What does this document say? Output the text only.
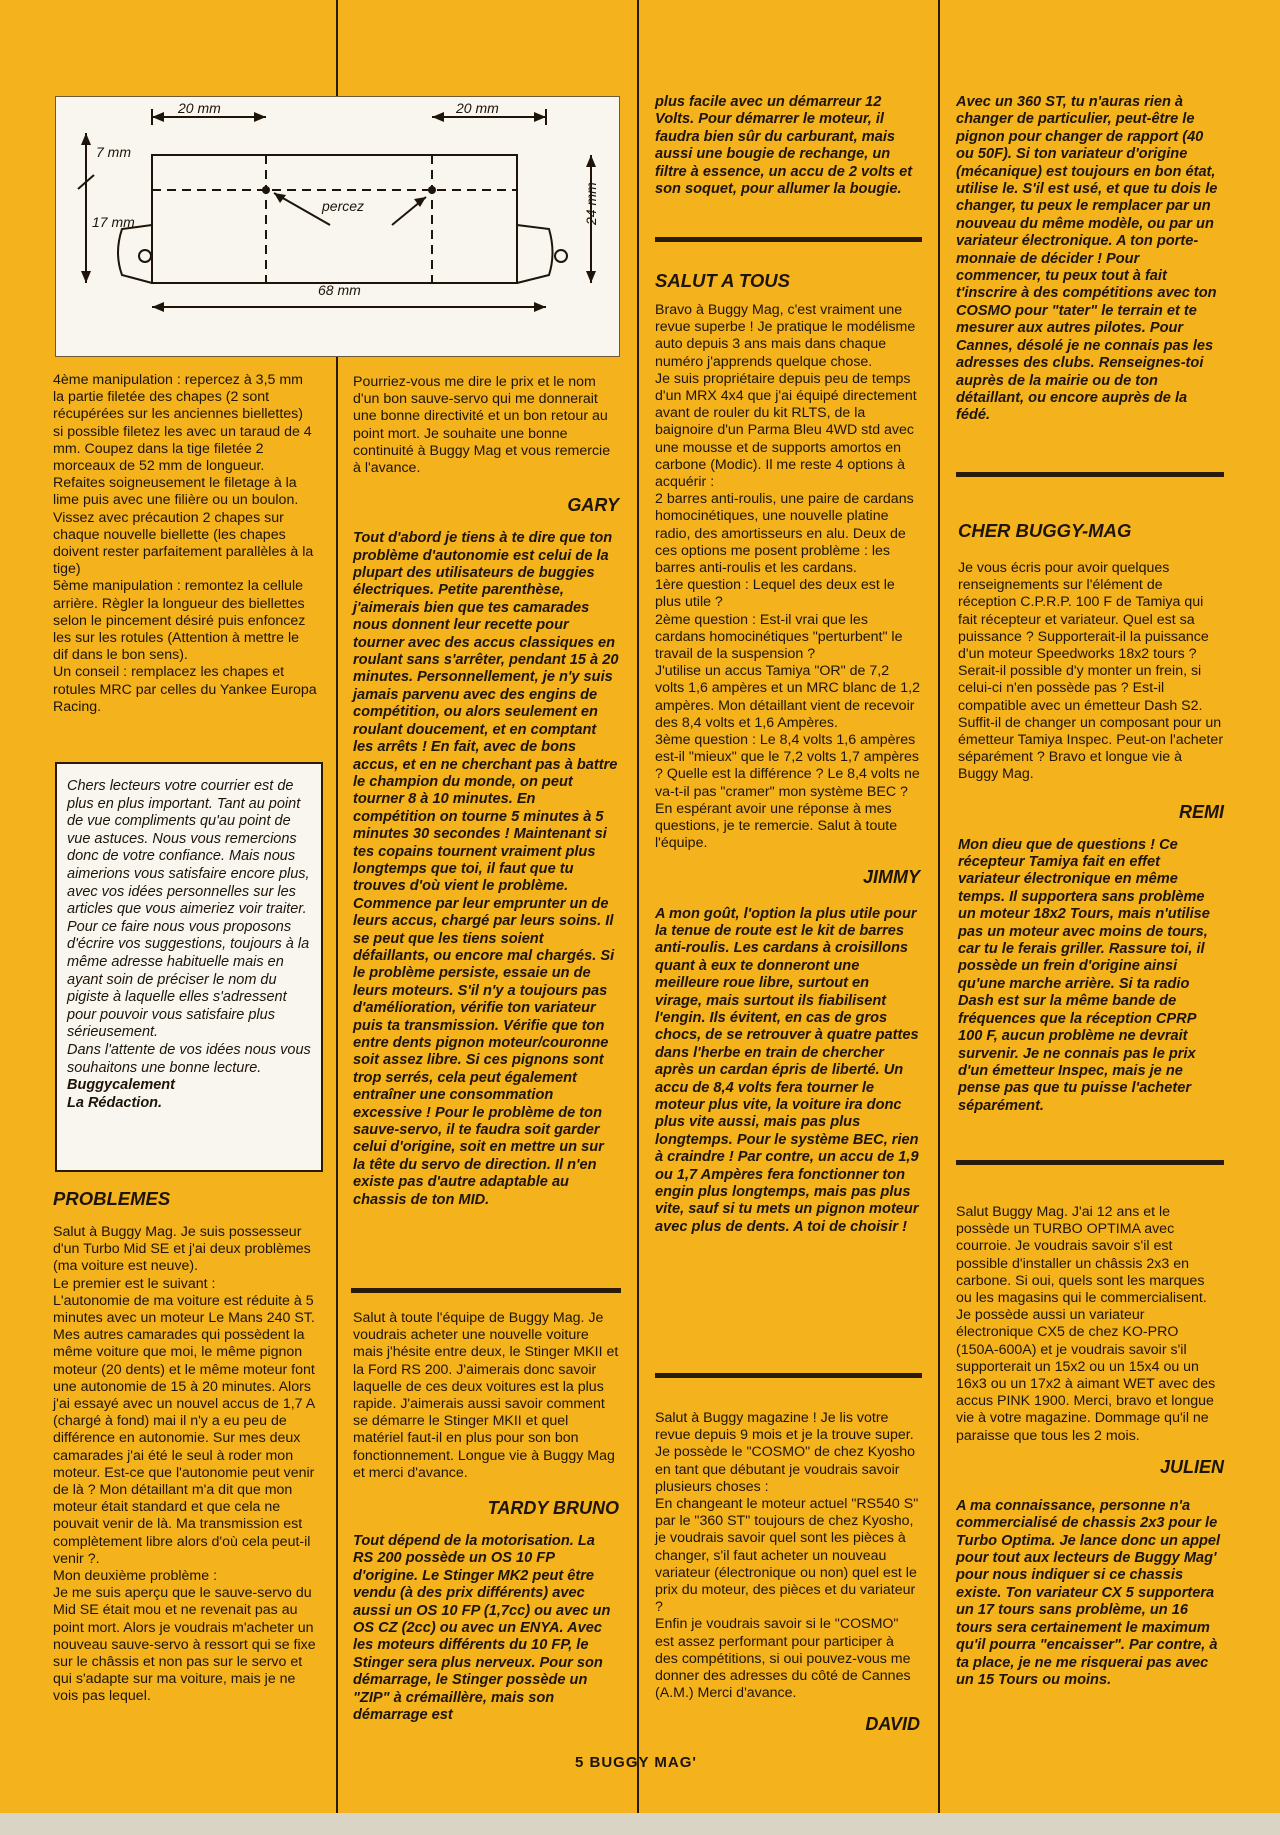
20 mm	20 mm
7 mm
17 mm	24 mm
68 mm
percez

4ème manipulation : repercez à 3,5 mm la partie filetée des chapes (2 sont récupérées sur les anciennes biellettes) si possible filetez les avec un taraud de 4 mm. Coupez dans la tige filetée 2 morceaux de 52 mm de longueur. Refaites soigneusement le filetage à la lime puis avec une filière ou un boulon. Vissez avec précaution 2 chapes sur chaque nouvelle biellette (les chapes doivent rester parfaitement parallèles à la tige)

5ème manipulation : remontez la cellule arrière. Règler la longueur des biellettes selon le pincement désiré puis enfoncez les sur les rotules (Attention à mettre le dif dans le bon sens).

Un conseil : remplacez les chapes et rotules MRC par celles du Yankee Europa Racing.

Chers lecteurs votre courrier est de plus en plus important. Tant au point de vue compliments qu'au point de vue astuces. Nous vous remercions donc de votre confiance. Mais nous aimerions vous satisfaire encore plus, avec vos idées personnelles sur les articles que vous aimeriez voir traiter. Pour ce faire nous vous proposons d'écrire vos suggestions, toujours à la même adresse habituelle mais en ayant soin de préciser le nom du pigiste à laquelle elles s'adressent pour pouvoir vous satisfaire plus sérieusement.

Dans l'attente de vos idées nous vous souhaitons une bonne lecture.

Buggycalement

La Rédaction.

PROBLEMES

Salut à Buggy Mag. Je suis possesseur d'un Turbo Mid SE et j'ai deux problèmes (ma voiture est neuve).

Le premier est le suivant :

L'autonomie de ma voiture est réduite à 5 minutes avec un moteur Le Mans 240 ST. Mes autres camarades qui possèdent la même voiture que moi, le même pignon moteur (20 dents) et le même moteur font une autonomie de 15 à 20 minutes. Alors j'ai essayé avec un nouvel accus de 1,7 A (chargé à fond) mai il n'y a eu peu de différence en autonomie. Sur mes deux camarades j'ai été le seul à roder mon moteur. Est-ce que l'autonomie peut venir de là ? Mon détaillant m'a dit que mon moteur était standard et que cela ne pouvait venir de là. Ma transmission est complètement libre alors d'où cela peut-il venir ?.

Mon deuxième problème :

Je me suis aperçu que le sauve-servo du Mid SE était mou et ne revenait pas au point mort. Alors je voudrais m'acheter un nouveau sauve-servo à ressort qui se fixe sur le châssis et non pas sur le servo et qui s'adapte sur ma voiture, mais je ne vois pas lequel.

Pourriez-vous me dire le prix et le nom d'un bon sauve-servo qui me donnerait une bonne directivité et un bon retour au point mort. Je souhaite une bonne continuité à Buggy Mag et vous remercie à l'avance.

GARY

Tout d'abord je tiens à te dire que ton problème d'autonomie est celui de la plupart des utilisateurs de buggies électriques. Petite parenthèse, j'aimerais bien que tes camarades nous donnent leur recette pour tourner avec des accus classiques en roulant sans s'arrêter, pendant 15 à 20 minutes. Personnellement, je n'y suis jamais parvenu avec des engins de compétition, ou alors seulement en roulant doucement, et en comptant les arrêts ! En fait, avec de bons accus, et en ne cherchant pas à battre le champion du monde, on peut tourner 8 à 10 minutes. En compétition on tourne 5 minutes à 5 minutes 30 secondes ! Maintenant si tes copains tournent vraiment plus longtemps que toi, il faut que tu trouves d'où vient le problème. Commence par leur emprunter un de leurs accus, chargé par leurs soins. Il se peut que les tiens soient défaillants, ou encore mal chargés. Si le problème persiste, essaie un de leurs moteurs. S'il n'y a toujours pas d'amélioration, vérifie ton variateur puis ta transmission. Vérifie que ton entre dents pignon moteur/couronne soit assez libre. Si ces pignons sont trop serrés, cela peut également entraîner une consommation excessive ! Pour le problème de ton sauve-servo, il te faudra soit garder celui d'origine, soit en mettre un sur la tête du servo de direction. Il n'en existe pas d'autre adaptable au chassis de ton MID.

Salut à toute l'équipe de Buggy Mag. Je voudrais acheter une nouvelle voiture mais j'hésite entre deux, le Stinger MKII et la Ford RS 200. J'aimerais donc savoir laquelle de ces deux voitures est la plus rapide. J'aimerais aussi savoir comment se démarre le Stinger MKII et quel matériel faut-il en plus pour son bon fonctionnement. Longue vie à Buggy Mag et merci d'avance.

TARDY BRUNO

Tout dépend de la motorisation. La RS 200 possède un OS 10 FP d'origine. Le Stinger MK2 peut être vendu (à des prix différents) avec aussi un OS 10 FP (1,7cc) ou avec un OS CZ (2cc) ou avec un ENYA. Avec les moteurs différents du 10 FP, le Stinger sera plus nerveux. Pour son démarrage, le Stinger possède un "ZIP" à crémaillère, mais son démarrage est

plus facile avec un démarreur 12 Volts. Pour démarrer le moteur, il faudra bien sûr du carburant, mais aussi une bougie de rechange, un filtre à essence, un accu de 2 volts et son soquet, pour allumer la bougie.

SALUT A TOUS

Bravo à Buggy Mag, c'est vraiment une revue superbe ! Je pratique le modélisme auto depuis 3 ans mais dans chaque numéro j'apprends quelque chose.

Je suis propriétaire depuis peu de temps d'un MRX 4x4 que j'ai équipé directement avant de rouler du kit RLTS, de la baignoire d'un Parma Bleu 4WD std avec une mousse et de supports amortos en carbone (Modic). Il me reste 4 options à acquérir :

2 barres anti-roulis, une paire de cardans homocinétiques, une nouvelle platine radio, des amortisseurs en alu. Deux de ces options me posent problème : les barres anti-roulis et les cardans.

1ère question : Lequel des deux est le plus utile ?

2ème question : Est-il vrai que les cardans homocinétiques "perturbent" le travail de la suspension ?

J'utilise un accus Tamiya "OR" de 7,2 volts 1,6 ampères et un MRC blanc de 1,2 ampères. Mon détaillant vient de recevoir des 8,4 volts et 1,6 Ampères.

3ème question : Le 8,4 volts 1,6 ampères est-il "mieux" que le 7,2 volts 1,7 ampères ? Quelle est la différence ? Le 8,4 volts ne va-t-il pas "cramer" mon système BEC ?

En espérant avoir une réponse à mes questions, je te remercie. Salut à toute l'équipe.

JIMMY

A mon goût, l'option la plus utile pour la tenue de route est le kit de barres anti-roulis. Les cardans à croisillons quant à eux te donneront une meilleure roue libre, surtout en virage, mais surtout ils fiabilisent l'engin. Ils évitent, en cas de gros chocs, de se retrouver à quatre pattes dans l'herbe en train de chercher après un cardan épris de liberté. Un accu de 8,4 volts fera tourner le moteur plus vite, la voiture ira donc plus vite aussi, mais pas plus longtemps. Pour le système BEC, rien à craindre ! Par contre, un accu de 1,9 ou 1,7 Ampères fera fonctionner ton engin plus longtemps, mais pas plus vite, sauf si tu mets un pignon moteur avec plus de dents. A toi de choisir !

Salut à Buggy magazine ! Je lis votre revue depuis 9 mois et je la trouve super. Je possède le "COSMO" de chez Kyosho en tant que débutant je voudrais savoir plusieurs choses :

En changeant le moteur actuel "RS540 S" par le "360 ST" toujours de chez Kyosho, je voudrais savoir quel sont les pièces à changer, s'il faut acheter un nouveau variateur (électronique ou non) quel est le prix du moteur, des pièces et du variateur ?

Enfin je voudrais savoir si le "COSMO" est assez performant pour participer à des compétitions, si oui pouvez-vous me donner des adresses du côté de Cannes (A.M.) Merci d'avance.

DAVID

Avec un 360 ST, tu n'auras rien à changer de particulier, peut-être le pignon pour changer de rapport (40 ou 50F). Si ton variateur d'origine (mécanique) est toujours en bon état, utilise le. S'il est usé, et que tu dois le changer, tu peux le remplacer par un nouveau du même modèle, ou par un variateur électronique. A ton porte-monnaie de décider ! Pour commencer, tu peux tout à fait t'inscrire à des compétitions avec ton COSMO pour "tater" le terrain et te mesurer aux autres pilotes. Pour Cannes, désolé je ne connais pas les adresses des clubs. Renseignes-toi auprès de la mairie ou de ton détaillant, ou encore auprès de la fédé.

CHER BUGGY-MAG

Je vous écris pour avoir quelques renseignements sur l'élément de réception C.P.R.P. 100 F de Tamiya qui fait récepteur et variateur. Quel est sa puissance ? Supporterait-il la puissance d'un moteur Speedworks 18x2 tours ? Serait-il possible d'y monter un frein, si celui-ci n'en possède pas ? Est-il compatible avec un émetteur Dash S2. Suffit-il de changer un composant pour un émetteur Tamiya Inspec. Peut-on l'acheter séparément ? Bravo et longue vie à Buggy Mag.

REMI

Mon dieu que de questions ! Ce récepteur Tamiya fait en effet variateur électronique en même temps. Il supportera sans problème un moteur 18x2 Tours, mais n'utilise pas un moteur avec moins de tours, car tu le ferais griller. Rassure toi, il possède un frein d'origine ainsi qu'une marche arrière. Si ta radio Dash est sur la même bande de fréquences que la réception CPRP 100 F, aucun problème ne devrait survenir. Je ne connais pas le prix d'un émetteur Inspec, mais je ne pense pas que tu puisse l'acheter séparément.

Salut Buggy Mag. J'ai 12 ans et le possède un TURBO OPTIMA avec courroie. Je voudrais savoir s'il est possible d'installer un châssis 2x3 en carbone. Si oui, quels sont les marques ou les magasins qui le commercialisent. Je possède aussi un variateur électronique CX5 de chez KO-PRO (150A-600A) et je voudrais savoir s'il supporterait un 15x2 ou un 15x4 ou un 16x3 ou un 17x2 à aimant WET avec des accus PINK 1900. Merci, bravo et longue vie à votre magazine. Dommage qu'il ne paraisse que tous les 2 mois.

JULIEN

A ma connaissance, personne n'a commercialisé de chassis 2x3 pour le Turbo Optima. Je lance donc un appel pour tout aux lecteurs de Buggy Mag' pour nous indiquer si ce chassis existe. Ton variateur CX 5 supportera un 17 tours sans problème, un 16 tours sera certainement le maximum qu'il pourra "encaisser". Par contre, à ta place, je ne me risquerai pas avec un 15 Tours ou moins.

5 BUGGY MAG'
